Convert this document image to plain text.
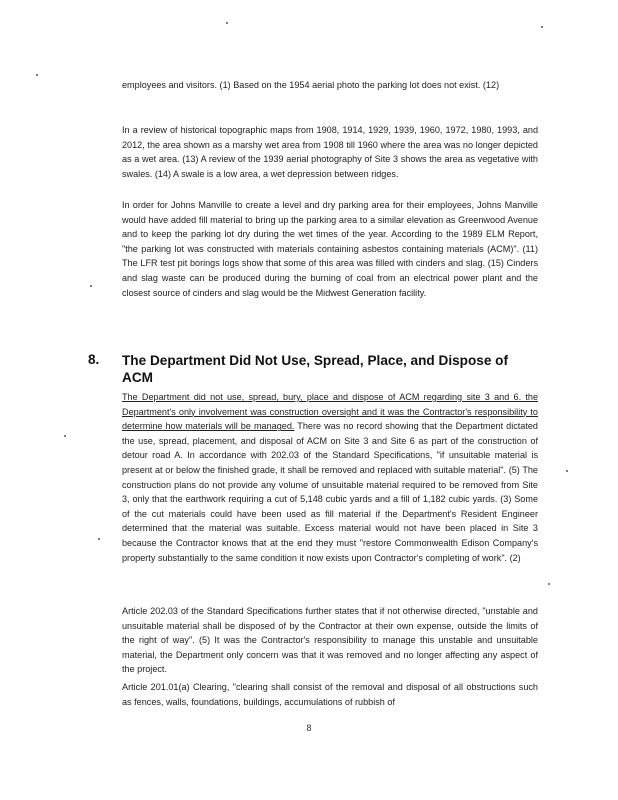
employees and visitors. (1) Based on the 1954 aerial photo the parking lot does not exist. (12)

In a review of historical topographic maps from 1908, 1914, 1929, 1939, 1960, 1972, 1980, 1993, and 2012, the area shown as a marshy wet area from 1908 till 1960 where the area was no longer depicted as a wet area. (13) A review of the 1939 aerial photography of Site 3 shows the area as vegetative with swales. (14) A swale is a low area, a wet depression between ridges.

In order for Johns Manville to create a level and dry parking area for their employees, Johns Manville would have added fill material to bring up the parking area to a similar elevation as Greenwood Avenue and to keep the parking lot dry during the wet times of the year. According to the 1989 ELM Report, "the parking lot was constructed with materials containing asbestos containing materials (ACM)". (11) The LFR test pit borings logs show that some of this area was filled with cinders and slag. (15) Cinders and slag waste can be produced during the burning of coal from an electrical power plant and the closest source of cinders and slag would be the Midwest Generation facility.

8. The Department Did Not Use, Spread, Place, and Dispose of ACM

The Department did not use, spread, bury, place and dispose of ACM regarding site 3 and 6. the Department's only involvement was construction oversight and it was the Contractor's responsibility to determine how materials will be managed. There was no record showing that the Department dictated the use, spread, placement, and disposal of ACM on Site 3 and Site 6 as part of the construction of detour road A. In accordance with 202.03 of the Standard Specifications, "if unsuitable material is present at or below the finished grade, it shall be removed and replaced with suitable material". (5) The construction plans do not provide any volume of unsuitable material required to be removed from Site 3, only that the earthwork requiring a cut of 5,148 cubic yards and a fill of 1,182 cubic yards. (3) Some of the cut materials could have been used as fill material if the Department's Resident Engineer determined that the material was suitable. Excess material would not have been placed in Site 3 because the Contractor knows that at the end they must "restore Commonwealth Edison Company's property substantially to the same condition it now exists upon Contractor's completing of work". (2)

Article 202.03 of the Standard Specifications further states that if not otherwise directed, "unstable and unsuitable material shall be disposed of by the Contractor at their own expense, outside the limits of the right of way". (5) It was the Contractor's responsibility to manage this unstable and unsuitable material, the Department only concern was that it was removed and no longer affecting any aspect of the project.

Article 201.01(a) Clearing, "clearing shall consist of the removal and disposal of all obstructions such as fences, walls, foundations, buildings, accumulations of rubbish of

8
